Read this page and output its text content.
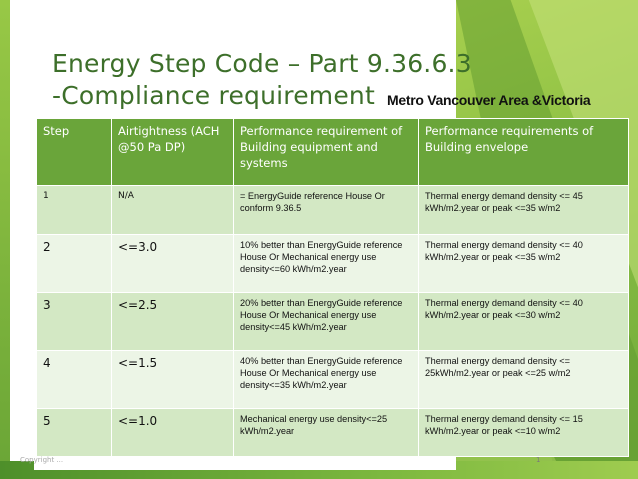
Energy Step Code – Part 9.36.6.3
-Compliance requirement Metro Vancouver Area &Victoria
Step	Airtightness (ACH @50 Pa DP)	Performance requirement of Building equipment and systems	Performance requirements of Building envelope
1	N/A	= EnergyGuide reference House Or conform 9.36.5	Thermal energy demand density <= 45 kWh/m2.year or peak <=35 w/m2
2	<=3.0	10% better than EnergyGuide reference House Or Mechanical energy use density<=60 kWh/m2.year	Thermal energy demand density <= 40 kWh/m2.year or peak <=35 w/m2
3	<=2.5	20% better than EnergyGuide reference House Or Mechanical energy use density<=45 kWh/m2.year	Thermal energy demand density <= 40 kWh/m2.year or peak <=30 w/m2
4	<=1.5	40% better than EnergyGuide reference House Or Mechanical energy use density<=35 kWh/m2.year	Thermal energy demand density <= 25kWh/m2.year or peak <=25 w/m2
5	<=1.0	Mechanical energy use density<=25 kWh/m2.year	Thermal energy demand density <= 15 kWh/m2.year or peak <=10 w/m2
Copyright ...	1
